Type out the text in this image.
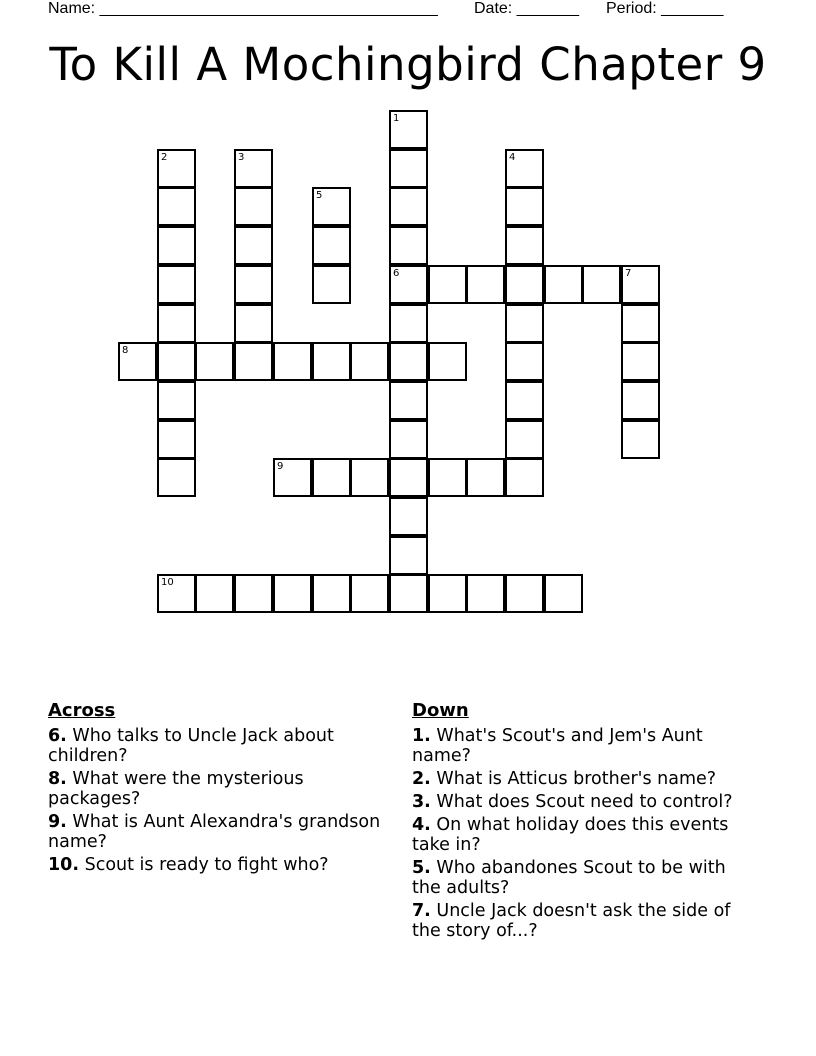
Name: ______________________________________ Date: _______ Period: _______
To Kill A Mochingbird Chapter 9
1
6
2	3	4
5
7
8
9
10
Across
6. Who talks to Uncle Jack about children?
8. What were the mysterious packages?
9. What is Aunt Alexandra's grandson name?
10. Scout is ready to fight who?
Down
1. What's Scout's and Jem's Aunt name?
2. What is Atticus brother's name?
3. What does Scout need to control?
4. On what holiday does this events take in?
5. Who abandones Scout to be with the adults?
7. Uncle Jack doesn't ask the side of the story of...?
